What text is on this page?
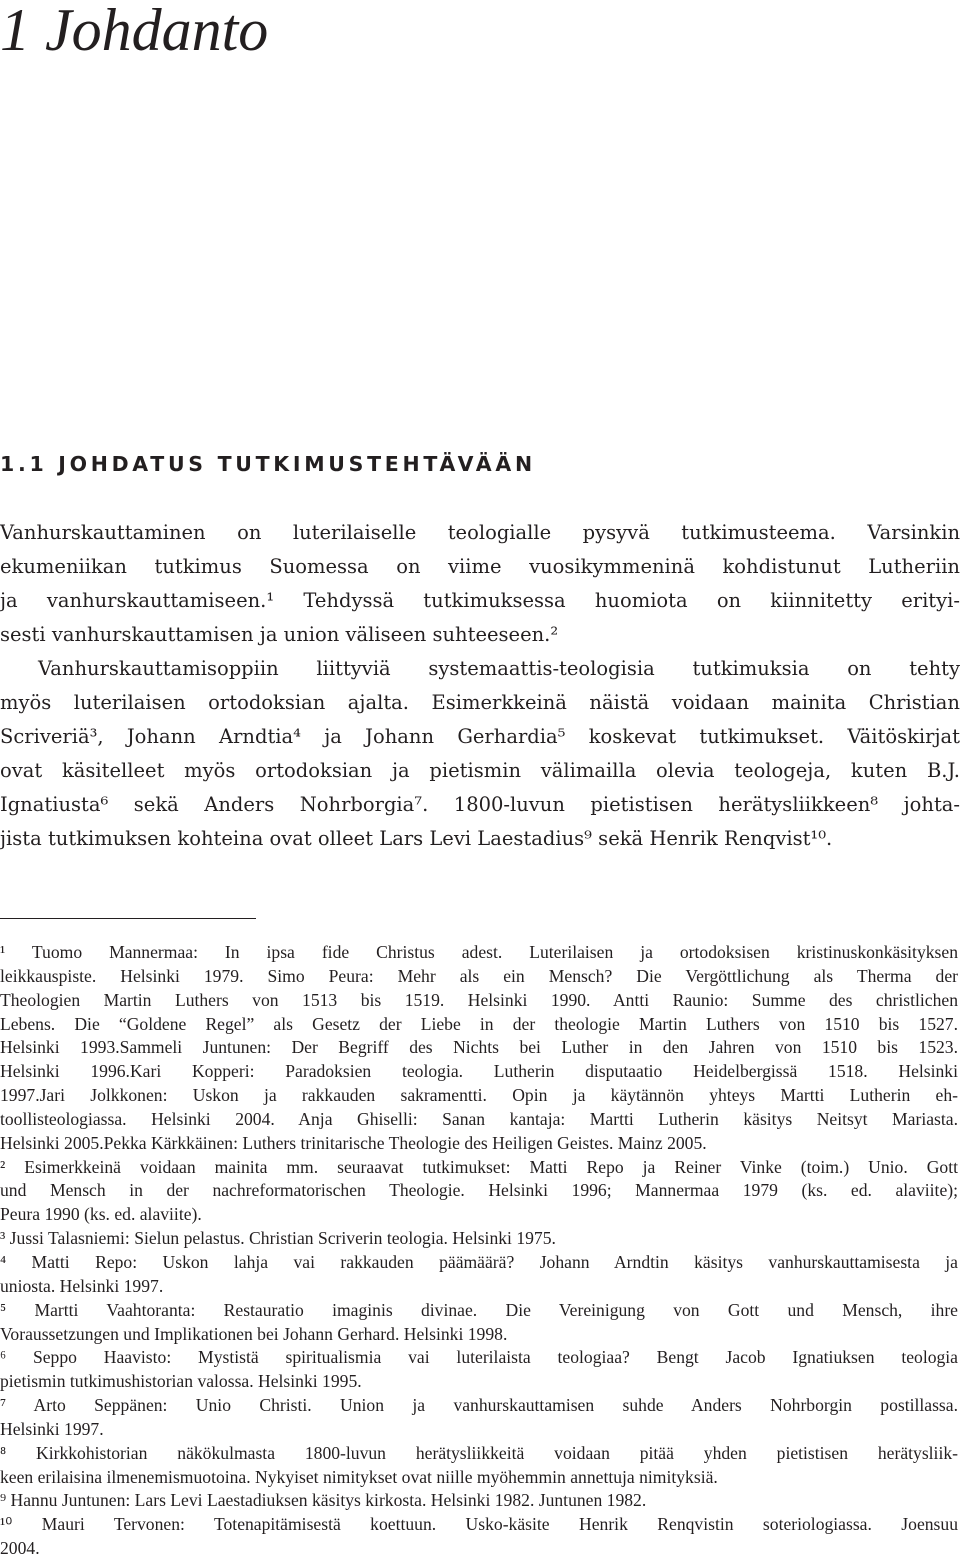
1 Johdanto
1.1 JOHDATUS TUTKIMUSTEHTÄVÄÄN
Vanhurskauttaminen on luterilaiselle teologialle pysyvä tutkimusteema. Varsinkin
ekumeniikan tutkimus Suomessa on viime vuosikymmeninä kohdistunut Lutheriin
ja vanhurskauttamiseen.¹ Tehdyssä tutkimuksessa huomiota on kiinnitetty erityi-
sesti vanhurskauttamisen ja union väliseen suhteeseen.²
Vanhurskauttamisoppiin liittyviä systemaattis-teologisia tutkimuksia on tehty
myös luterilaisen ortodoksian ajalta. Esimerkkeinä näistä voidaan mainita Christian
Scriveriä³, Johann Arndtia⁴ ja Johann Gerhardia⁵ koskevat tutkimukset. Väitöskirjat
ovat käsitelleet myös ortodoksian ja pietismin välimailla olevia teologeja, kuten B.J.
Ignatiusta⁶ sekä Anders Nohrborgia⁷. 1800-luvun pietistisen herätysliikkeen⁸ johta-
jista tutkimuksen kohteina ovat olleet Lars Levi Laestadius⁹ sekä Henrik Renqvist¹⁰.
¹ Tuomo Mannermaa: In ipsa fide Christus adest. Luterilaisen ja ortodoksisen kristinuskonkäsityksen
leikkauspiste. Helsinki 1979. Simo Peura: Mehr als ein Mensch? Die Vergöttlichung als Therma der
Theologien Martin Luthers von 1513 bis 1519. Helsinki 1990. Antti Raunio: Summe des christlichen
Lebens. Die “Goldene Regel” als Gesetz der Liebe in der theologie Martin Luthers von 1510 bis 1527.
Helsinki 1993.Sammeli Juntunen: Der Begriff des Nichts bei Luther in den Jahren von 1510 bis 1523.
Helsinki 1996.Kari Kopperi: Paradoksien teologia. Lutherin disputaatio Heidelbergissä 1518. Helsinki
1997.Jari Jolkkonen: Uskon ja rakkauden sakramentti. Opin ja käytännön yhteys Martti Lutherin eh-
toollisteologiassa. Helsinki 2004. Anja Ghiselli: Sanan kantaja: Martti Lutherin käsitys Neitsyt Mariasta.
Helsinki 2005.Pekka Kärkkäinen: Luthers trinitarische Theologie des Heiligen Geistes. Mainz 2005.
² Esimerkkeinä voidaan mainita mm. seuraavat tutkimukset: Matti Repo ja Reiner Vinke (toim.) Unio. Gott
und Mensch in der nachreformatorischen Theologie. Helsinki 1996; Mannermaa 1979 (ks. ed. alaviite);
Peura 1990 (ks. ed. alaviite).
³ Jussi Talasniemi: Sielun pelastus. Christian Scriverin teologia. Helsinki 1975.
⁴ Matti Repo: Uskon lahja vai rakkauden päämäärä? Johann Arndtin käsitys vanhurskauttamisesta ja
uniosta. Helsinki 1997.
⁵ Martti Vaahtoranta: Restauratio imaginis divinae. Die Vereinigung von Gott und Mensch, ihre
Voraussetzungen und Implikationen bei Johann Gerhard. Helsinki 1998.
⁶ Seppo Haavisto: Mystistä spiritualismia vai luterilaista teologiaa? Bengt Jacob Ignatiuksen teologia
pietismin tutkimushistorian valossa. Helsinki 1995.
⁷ Arto Seppänen: Unio Christi. Union ja vanhurskauttamisen suhde Anders Nohrborgin postillassa.
Helsinki 1997.
⁸ Kirkkohistorian näkökulmasta 1800-luvun herätysliikkeitä voidaan pitää yhden pietistisen herätysliik-
keen erilaisina ilmenemismuotoina. Nykyiset nimitykset ovat niille myöhemmin annettuja nimityksiä.
⁹ Hannu Juntunen: Lars Levi Laestadiuksen käsitys kirkosta. Helsinki 1982. Juntunen 1982.
¹⁰ Mauri Tervonen: Totenapitämisestä koettuun. Usko-käsite Henrik Renqvistin soteriologiassa. Joensuu
2004.
